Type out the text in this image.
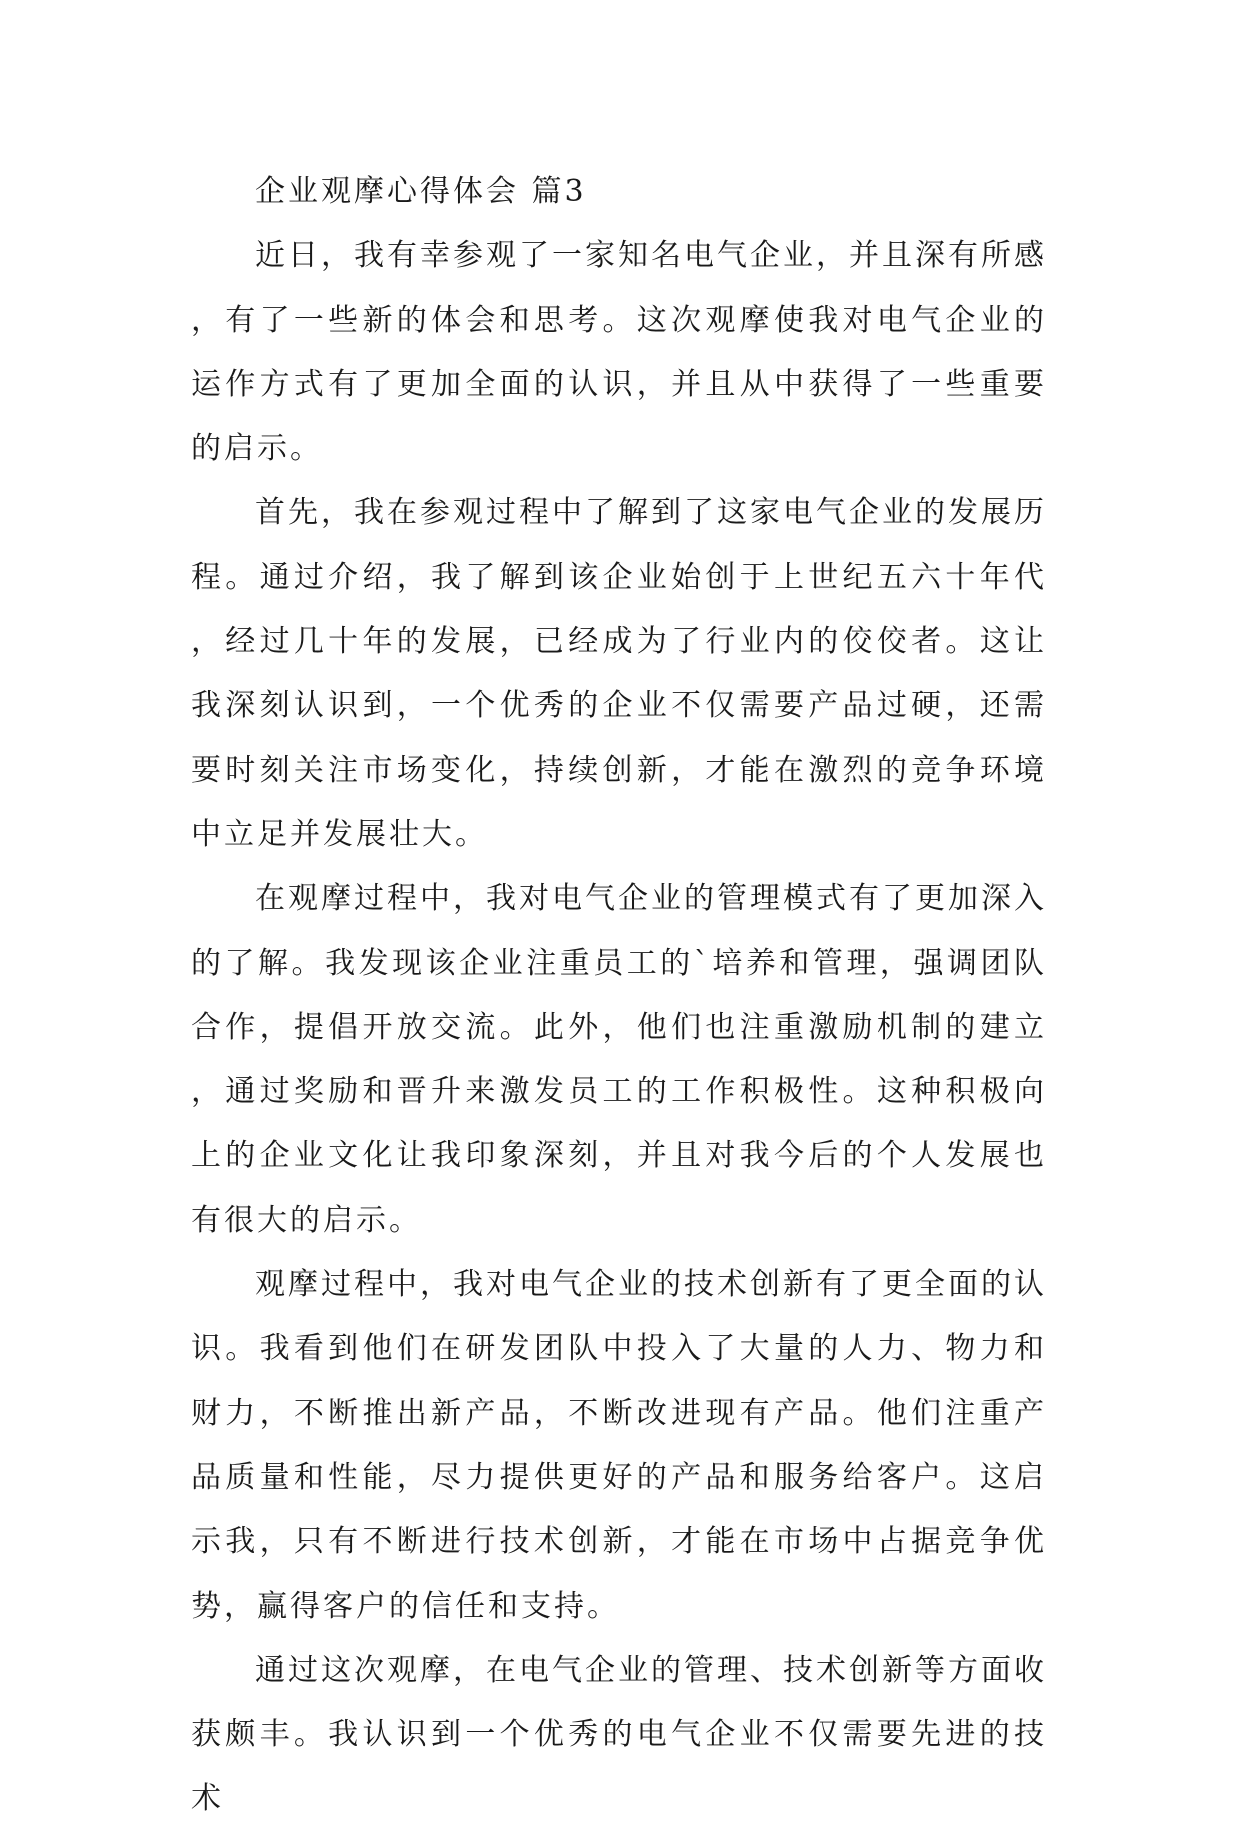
企业观摩心得体会 篇3

近日，我有幸参观了一家知名电气企业，并且深有所感，有了一些新的体会和思考。这次观摩使我对电气企业的运作方式有了更加全面的认识，并且从中获得了一些重要的启示。

首先，我在参观过程中了解到了这家电气企业的发展历程。通过介绍，我了解到该企业始创于上世纪五六十年代，经过几十年的发展，已经成为了行业内的佼佼者。这让我深刻认识到，一个优秀的企业不仅需要产品过硬，还需要时刻关注市场变化，持续创新，才能在激烈的竞争环境中立足并发展壮大。

在观摩过程中，我对电气企业的管理模式有了更加深入的了解。我发现该企业注重员工的`培养和管理，强调团队合作，提倡开放交流。此外，他们也注重激励机制的建立，通过奖励和晋升来激发员工的工作积极性。这种积极向上的企业文化让我印象深刻，并且对我今后的个人发展也有很大的启示。

观摩过程中，我对电气企业的技术创新有了更全面的认识。我看到他们在研发团队中投入了大量的人力、物力和财力，不断推出新产品，不断改进现有产品。他们注重产品质量和性能，尽力提供更好的产品和服务给客户。这启示我，只有不断进行技术创新，才能在市场中占据竞争优势，赢得客户的信任和支持。

通过这次观摩，在电气企业的管理、技术创新等方面收获颇丰。我认识到一个优秀的电气企业不仅需要先进的技术
